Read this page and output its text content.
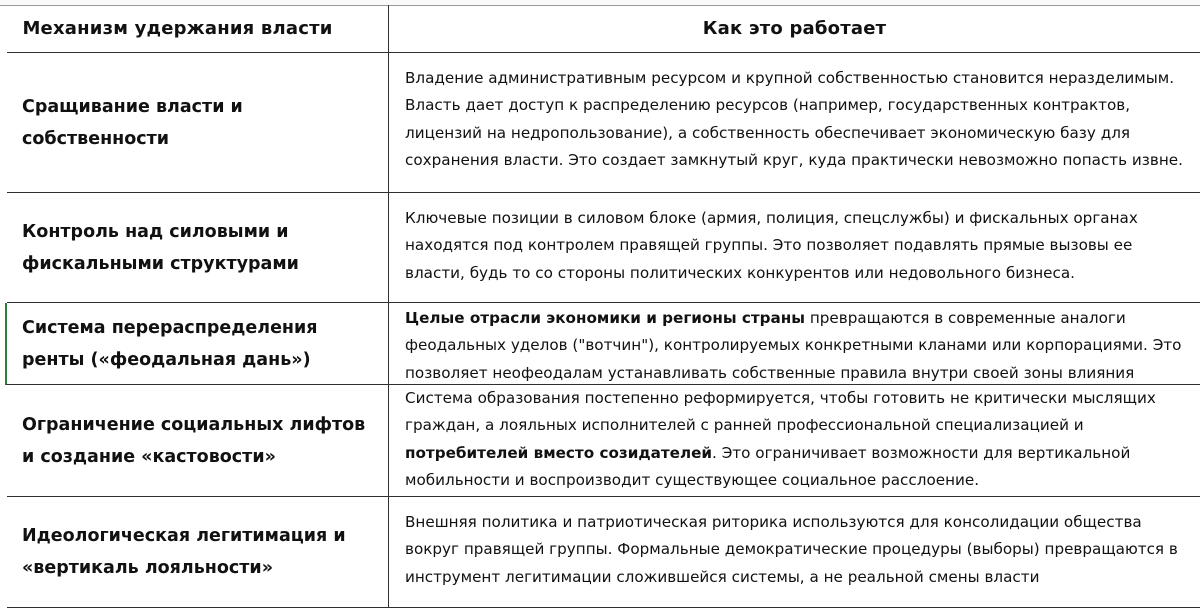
Механизм удержания власти	Как это работает
Сращивание власти и собственности
Владение административным ресурсом и крупной собственностью становится неразделимым. Власть дает доступ к распределению ресурсов (например, государственных контрактов, лицензий на недропользование), а собственность обеспечивает экономическую базу для сохранения власти. Это создает замкнутый круг, куда практически невозможно попасть извне.
Контроль над силовыми и фискальными структурами
Ключевые позиции в силовом блоке (армия, полиция, спецслужбы) и фискальных органах находятся под контролем правящей группы. Это позволяет подавлять прямые вызовы ее власти, будь то со стороны политических конкурентов или недовольного бизнеса.
Система перераспределения ренты («феодальная дань»)
Целые отрасли экономики и регионы страны превращаются в современные аналоги феодальных уделов ("вотчин"), контролируемых конкретными кланами или корпорациями. Это позволяет неофеодалам устанавливать собственные правила внутри своей зоны влияния
Ограничение социальных лифтов и создание «кастовости»
Система образования постепенно реформируется, чтобы готовить не критически мыслящих граждан, а лояльных исполнителей с ранней профессиональной специализацией и потребителей вместо созидателей. Это ограничивает возможности для вертикальной мобильности и воспроизводит существующее социальное расслоение.
Идеологическая легитимация и «вертикаль лояльности»
Внешняя политика и патриотическая риторика используются для консолидации общества вокруг правящей группы. Формальные демократические процедуры (выборы) превращаются в инструмент легитимации сложившейся системы, а не реальной смены власти
